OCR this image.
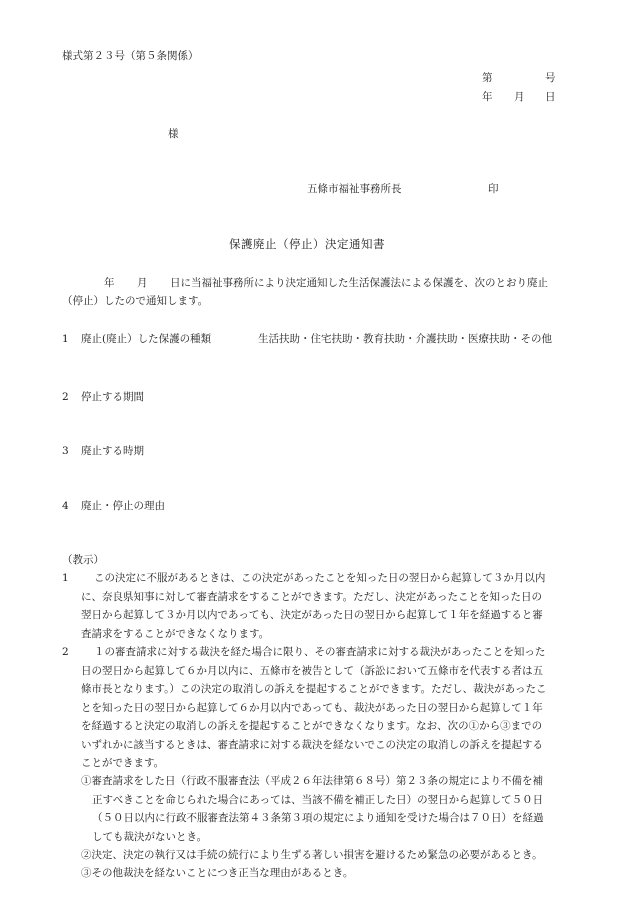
様式第２３号（第５条関係）
第	号
年 月 日
様
五條市福祉事務所長	印
保護廃止（停止）決定通知書
年 月 日に当福祉事務所により決定通知した生活保護法による保護を、次のとおり廃止
（停止）したので通知します。
1 廃止(廃止）した保護の種類	生活扶助・住宅扶助・教育扶助・介護扶助・医療扶助・その他
2 停止する期間
3 廃止する時期
4 廃止・停止の理由
（教示）
1	この決定に不服があるときは、この決定があったことを知った日の翌日から起算して３か月以内
に、奈良県知事に対して審査請求をすることができます。ただし、決定があったことを知った日の
翌日から起算して３か月以内であっても、決定があった日の翌日から起算して１年を経過すると審
査請求をすることができなくなります。
2	１の審査請求に対する裁決を経た場合に限り、その審査請求に対する裁決があったことを知った
日の翌日から起算して６か月以内に、五條市を被告として（訴訟において五條市を代表する者は五
條市長となります。）この決定の取消しの訴えを提起することができます。ただし、裁決があったこ
とを知った日の翌日から起算して６か月以内であっても、裁決があった日の翌日から起算して１年
を経過すると決定の取消しの訴えを提起することができなくなります。なお、次の①から③までの
いずれかに該当するときは、審査請求に対する裁決を経ないでこの決定の取消しの訴えを提起する
ことができます。
①審査請求をした日（行政不服審査法（平成２６年法律第６８号）第２３条の規定により不備を補
正すべきことを命じられた場合にあっては、当該不備を補正した日）の翌日から起算して５０日
（５０日以内に行政不服審査法第４３条第３項の規定により通知を受けた場合は７０日）を経過
しても裁決がないとき。
②決定、決定の執行又は手続の続行により生ずる著しい損害を避けるため緊急の必要があるとき。
③その他裁決を経ないことにつき正当な理由があるとき。
